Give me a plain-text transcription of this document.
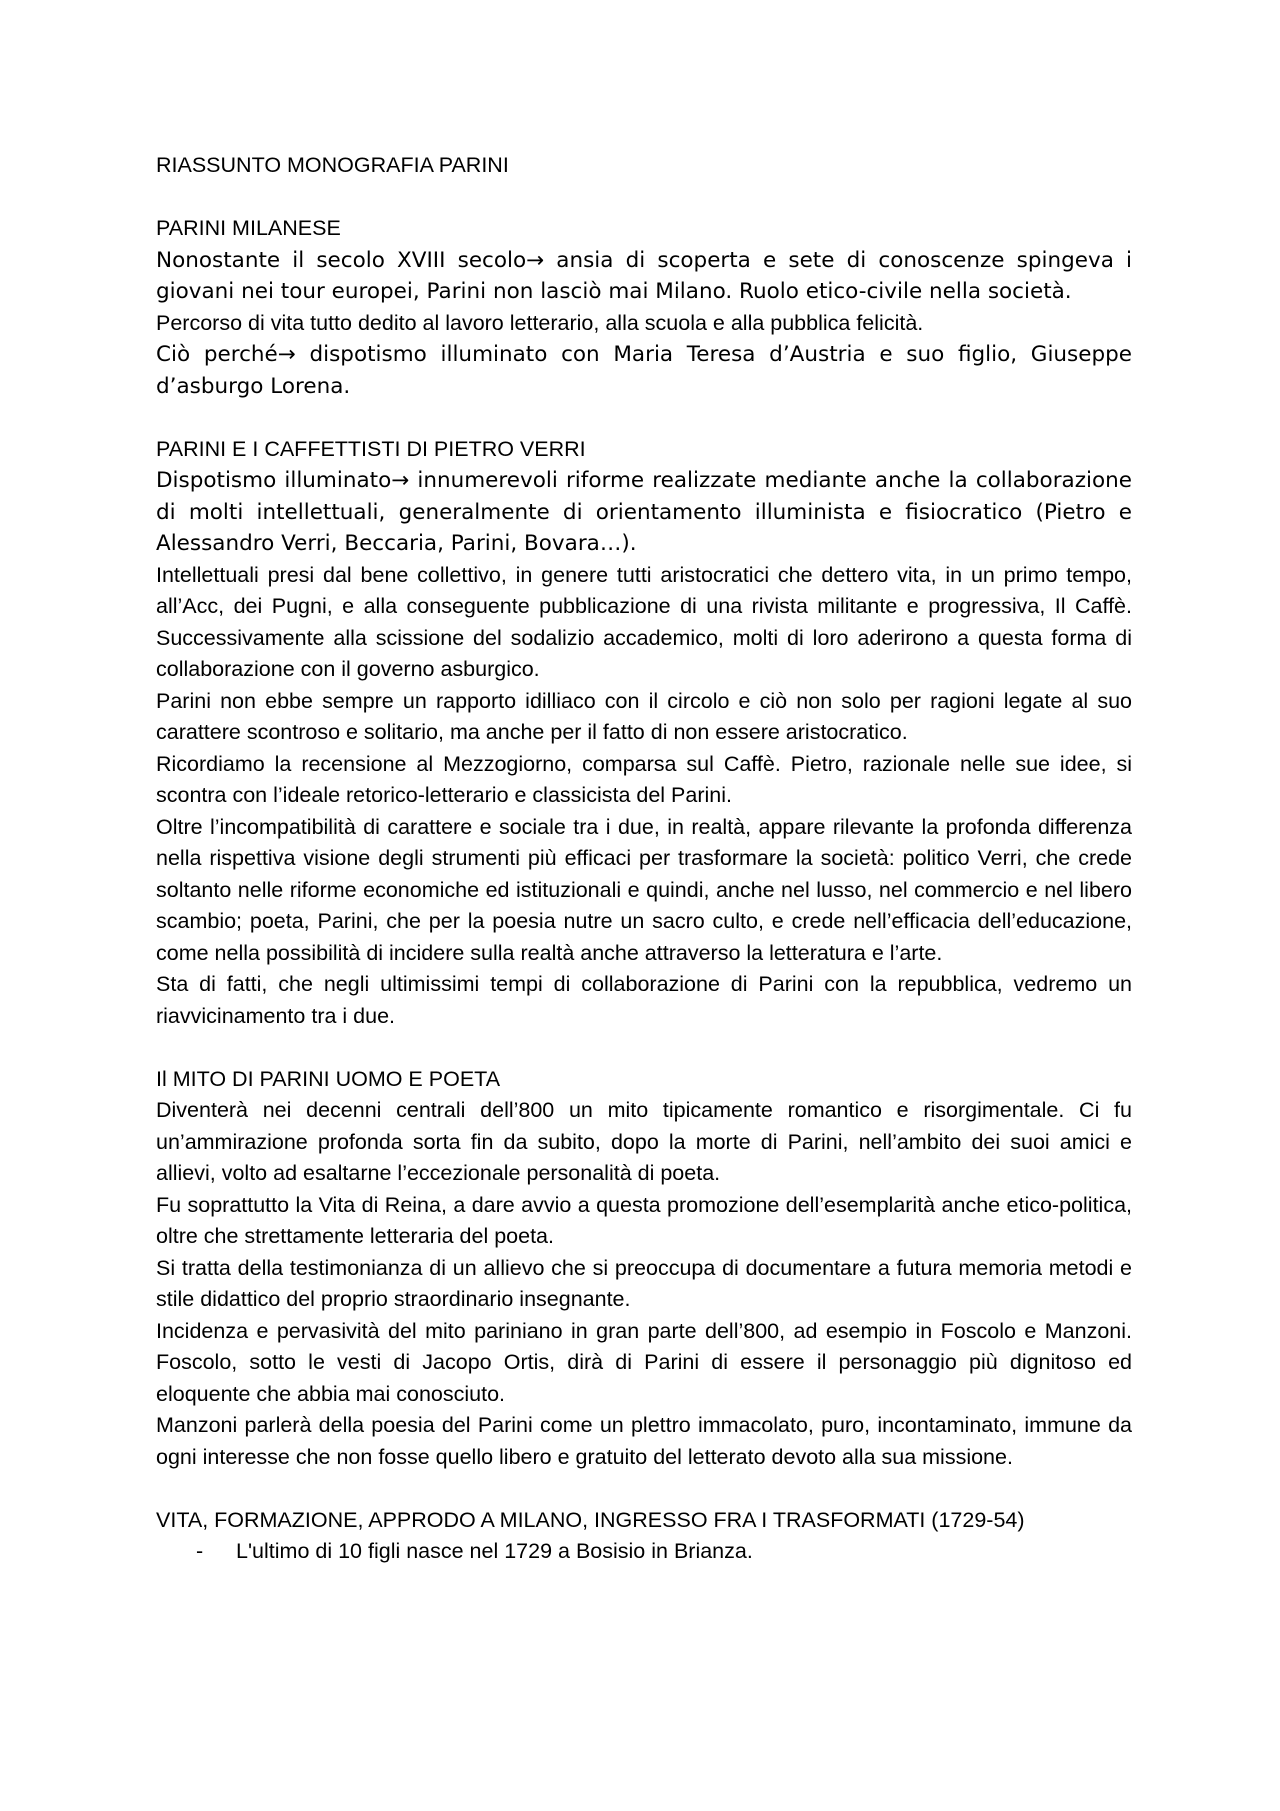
RIASSUNTO MONOGRAFIA PARINI

PARINI MILANESE

Nonostante il secolo XVIII secolo→ ansia di scoperta e sete di conoscenze spingeva i giovani nei tour europei, Parini non lasciò mai Milano. Ruolo etico-civile nella società.

Percorso di vita tutto dedito al lavoro letterario, alla scuola e alla pubblica felicità.

Ciò perché→ dispotismo illuminato con Maria Teresa d’Austria e suo figlio, Giuseppe d’asburgo Lorena.

PARINI E I CAFFETTISTI DI PIETRO VERRI

Dispotismo illuminato→ innumerevoli riforme realizzate mediante anche la collaborazione di molti intellettuali, generalmente di orientamento illuminista e fisiocratico (Pietro e Alessandro Verri, Beccaria, Parini, Bovara…).

Intellettuali presi dal bene collettivo, in genere tutti aristocratici che dettero vita, in un primo tempo, all’Acc, dei Pugni, e alla conseguente pubblicazione di una rivista militante e progressiva, Il Caffè. Successivamente alla scissione del sodalizio accademico, molti di loro aderirono a questa forma di collaborazione con il governo asburgico.

Parini non ebbe sempre un rapporto idilliaco con il circolo e ciò non solo per ragioni legate al suo carattere scontroso e solitario, ma anche per il fatto di non essere aristocratico.

Ricordiamo la recensione al Mezzogiorno, comparsa sul Caffè. Pietro, razionale nelle sue idee, si scontra con l’ideale retorico-letterario e classicista del Parini.

Oltre l’incompatibilità di carattere e sociale tra i due, in realtà, appare rilevante la profonda differenza nella rispettiva visione degli strumenti più efficaci per trasformare la società: politico Verri, che crede soltanto nelle riforme economiche ed istituzionali e quindi, anche nel lusso, nel commercio e nel libero scambio; poeta, Parini, che per la poesia nutre un sacro culto, e crede nell’efficacia dell’educazione, come nella possibilità di incidere sulla realtà anche attraverso la letteratura e l’arte.

Sta di fatti, che negli ultimissimi tempi di collaborazione di Parini con la repubblica, vedremo un riavvicinamento tra i due.

Il MITO DI PARINI UOMO E POETA

Diventerà nei decenni centrali dell’800 un mito tipicamente romantico e risorgimentale. Ci fu un’ammirazione profonda sorta fin da subito, dopo la morte di Parini, nell’ambito dei suoi amici e allievi, volto ad esaltarne l’eccezionale personalità di poeta.

Fu soprattutto la Vita di Reina, a dare avvio a questa promozione dell’esemplarità anche etico-politica, oltre che strettamente letteraria del poeta.

Si tratta della testimonianza di un allievo che si preoccupa di documentare a futura memoria metodi e stile didattico del proprio straordinario insegnante.

Incidenza e pervasività del mito pariniano in gran parte dell’800, ad esempio in Foscolo e Manzoni. Foscolo, sotto le vesti di Jacopo Ortis, dirà di Parini di essere il personaggio più dignitoso ed eloquente che abbia mai conosciuto.

Manzoni parlerà della poesia del Parini come un plettro immacolato, puro, incontaminato, immune da ogni interesse che non fosse quello libero e gratuito del letterato devoto alla sua missione.

VITA, FORMAZIONE, APPRODO A MILANO, INGRESSO FRA I TRASFORMATI (1729-54)

-	L'ultimo di 10 figli nasce nel 1729 a Bosisio in Brianza.
